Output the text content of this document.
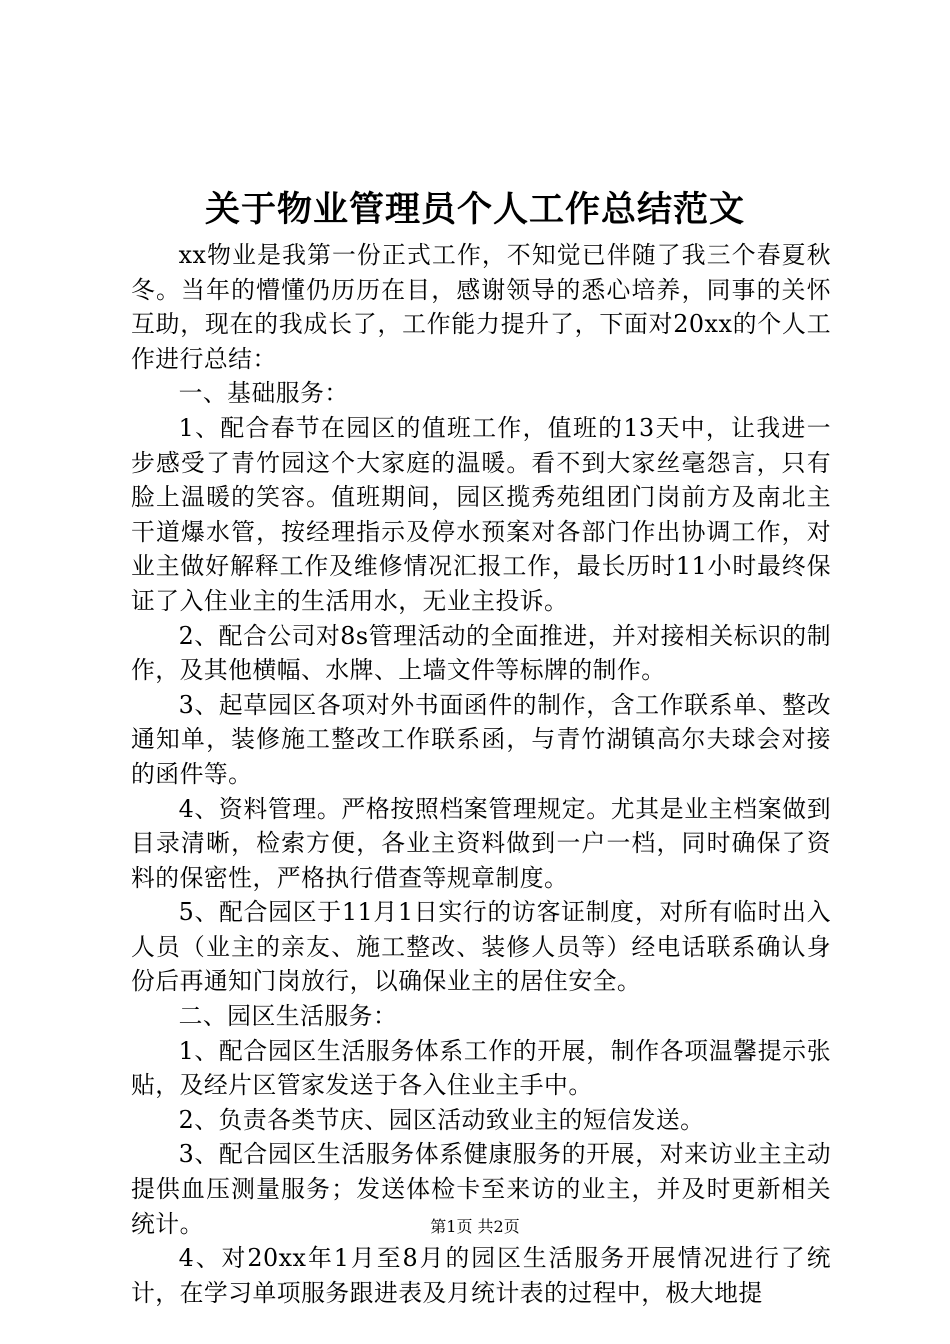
关于物业管理员个人工作总结范文

xx物业是我第一份正式工作，不知觉已伴随了我三个春夏秋冬。当年的懵懂仍历历在目，感谢领导的悉心培养，同事的关怀互助，现在的我成长了，工作能力提升了，下面对20xx的个人工作进行总结：

一、基础服务：

1、配合春节在园区的值班工作，值班的13天中，让我进一步感受了青竹园这个大家庭的温暖。看不到大家丝毫怨言，只有脸上温暖的笑容。值班期间，园区揽秀苑组团门岗前方及南北主干道爆水管，按经理指示及停水预案对各部门作出协调工作，对业主做好解释工作及维修情况汇报工作，最长历时11小时最终保证了入住业主的生活用水，无业主投诉。

2、配合公司对8s管理活动的全面推进，并对接相关标识的制作，及其他横幅、水牌、上墙文件等标牌的制作。

3、起草园区各项对外书面函件的制作，含工作联系单、整改通知单，装修施工整改工作联系函，与青竹湖镇高尔夫球会对接的函件等。

4、资料管理。严格按照档案管理规定。尤其是业主档案做到目录清晰，检索方便，各业主资料做到一户一档，同时确保了资料的保密性，严格执行借查等规章制度。

5、配合园区于11月1日实行的访客证制度，对所有临时出入人员（业主的亲友、施工整改、装修人员等）经电话联系确认身份后再通知门岗放行，以确保业主的居住安全。

二、园区生活服务：

1、配合园区生活服务体系工作的开展，制作各项温馨提示张贴，及经片区管家发送于各入住业主手中。

2、负责各类节庆、园区活动致业主的短信发送。

3、配合园区生活服务体系健康服务的开展，对来访业主主动提供血压测量服务；发送体检卡至来访的业主，并及时更新相关统计。

4、对20xx年1月至8月的园区生活服务开展情况进行了统计，在学习单项服务跟进表及月统计表的过程中，极大地提

第1页 共2页
